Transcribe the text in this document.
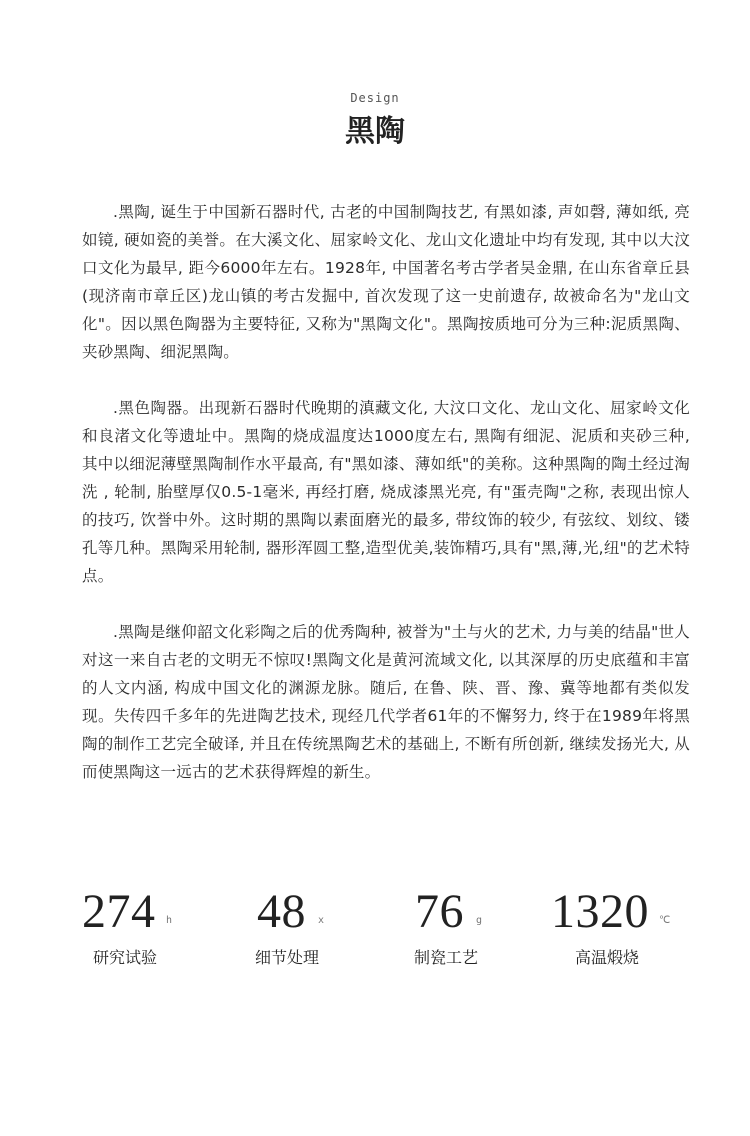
Design
黑陶

.黑陶, 诞生于中国新石器时代, 古老的中国制陶技艺, 有黑如漆, 声如磬, 薄如纸, 亮如镜, 硬如瓷的美誉。在大溪文化、屈家岭文化、龙山文化遗址中均有发现, 其中以大汶口文化为最早, 距今6000年左右。1928年, 中国著名考古学者吴金鼎, 在山东省章丘县(现济南市章丘区)龙山镇的考古发掘中, 首次发现了这一史前遗存, 故被命名为"龙山文化"。因以黑色陶器为主要特征, 又称为"黑陶文化"。黑陶按质地可分为三种:泥质黑陶、夹砂黑陶、细泥黑陶。

.黑色陶器。出现新石器时代晚期的滇藏文化, 大汶口文化、龙山文化、屈家岭文化和良渚文化等遗址中。黑陶的烧成温度达1000度左右, 黑陶有细泥、泥质和夹砂三种, 其中以细泥薄壁黑陶制作水平最高, 有"黑如漆、薄如纸"的美称。这种黑陶的陶土经过淘洗 , 轮制, 胎壁厚仅0.5-1毫米, 再经打磨, 烧成漆黑光亮, 有"蛋壳陶"之称, 表现出惊人的技巧, 饮誉中外。这时期的黑陶以素面磨光的最多, 带纹饰的较少, 有弦纹、划纹、镂孔等几种。黑陶采用轮制, 器形浑圆工整,造型优美,装饰精巧,具有"黑,薄,光,纽"的艺术特点。

.黑陶是继仰韶文化彩陶之后的优秀陶种, 被誉为"土与火的艺术, 力与美的结晶"世人对这一来自古老的文明无不惊叹!黑陶文化是黄河流域文化, 以其深厚的历史底蕴和丰富的人文内涵, 构成中国文化的渊源龙脉。随后, 在鲁、陕、晋、豫、冀等地都有类似发现。失传四千多年的先进陶艺技术, 现经几代学者61年的不懈努力, 终于在1989年将黑陶的制作工艺完全破译, 并且在传统黑陶艺术的基础上, 不断有所创新, 继续发扬光大, 从而使黑陶这一远古的艺术获得辉煌的新生。

274 h
研究试验
48 x
细节处理
76 g
制瓷工艺
1320 ℃
高温煅烧
